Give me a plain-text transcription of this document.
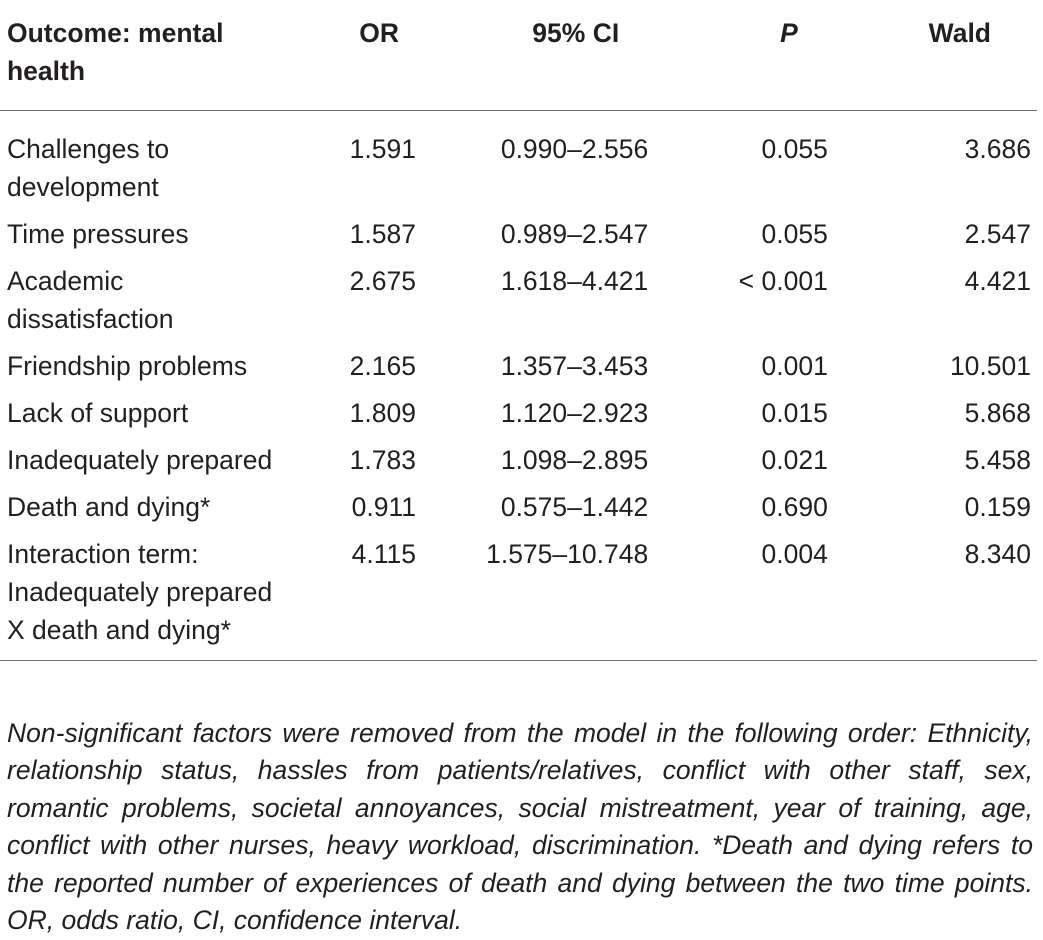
Outcome: mental health	OR	95% CI	P	Wald

Challenges to
development	1.591	0.990–2.556	0.055	3.686

Time pressures	1.587	0.989–2.547	0.055	2.547

Academic
dissatisfaction	2.675	1.618–4.421	< 0.001	4.421

Friendship problems	2.165	1.357–3.453	0.001	10.501

Lack of support	1.809	1.120–2.923	0.015	5.868

Inadequately prepared	1.783	1.098–2.895	0.021	5.458

Death and dying*	0.911	0.575–1.442	0.690	0.159

Interaction term:
Inadequately prepared
X death and dying*	4.115	1.575–10.748	0.004	8.340

Non-significant factors were removed from the model in the following order: Ethnicity, relationship status, hassles from patients/relatives, conflict with other staff, sex, romantic problems, societal annoyances, social mistreatment, year of training, age, conflict with other nurses, heavy workload, discrimination. *Death and dying refers to the reported number of experiences of death and dying between the two time points. OR, odds ratio, CI, confidence interval.
